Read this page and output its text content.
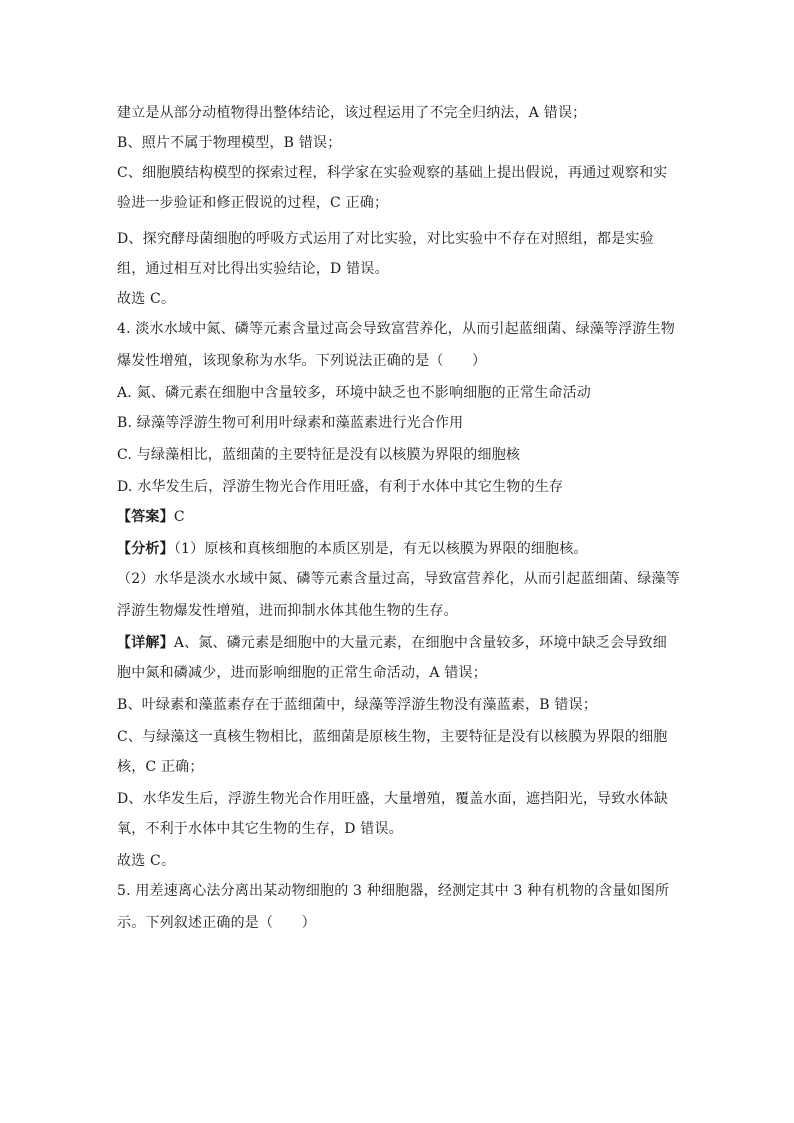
建立是从部分动植物得出整体结论，该过程运用了不完全归纳法，A 错误；
B、照片不属于物理模型，B 错误；
C、细胞膜结构模型的探索过程，科学家在实验观察的基础上提出假说，再通过观察和实
验进一步验证和修正假说的过程，C 正确；
D、探究酵母菌细胞的呼吸方式运用了对比实验，对比实验中不存在对照组，都是实验
组，通过相互对比得出实验结论，D 错误。
故选 C。
4. 淡水水域中氮、磷等元素含量过高会导致富营养化，从而引起蓝细菌、绿藻等浮游生物
爆发性增殖，该现象称为水华。下列说法正确的是（　　）
A. 氮、磷元素在细胞中含量较多，环境中缺乏也不影响细胞的正常生命活动
B. 绿藻等浮游生物可利用叶绿素和藻蓝素进行光合作用
C. 与绿藻相比，蓝细菌的主要特征是没有以核膜为界限的细胞核
D. 水华发生后，浮游生物光合作用旺盛，有利于水体中其它生物的生存
【答案】C
【分析】（1）原核和真核细胞的本质区别是，有无以核膜为界限的细胞核。
（2）水华是淡水水域中氮、磷等元素含量过高，导致富营养化，从而引起蓝细菌、绿藻等
浮游生物爆发性增殖，进而抑制水体其他生物的生存。
【详解】A、氮、磷元素是细胞中的大量元素，在细胞中含量较多，环境中缺乏会导致细
胞中氮和磷减少，进而影响细胞的正常生命活动，A 错误；
B、叶绿素和藻蓝素存在于蓝细菌中，绿藻等浮游生物没有藻蓝素，B 错误；
C、与绿藻这一真核生物相比，蓝细菌是原核生物，主要特征是没有以核膜为界限的细胞
核，C 正确；
D、水华发生后，浮游生物光合作用旺盛，大量增殖，覆盖水面，遮挡阳光，导致水体缺
氧，不利于水体中其它生物的生存，D 错误。
故选 C。
5. 用差速离心法分离出某动物细胞的 3 种细胞器，经测定其中 3 种有机物的含量如图所
示。下列叙述正确的是（　　）
